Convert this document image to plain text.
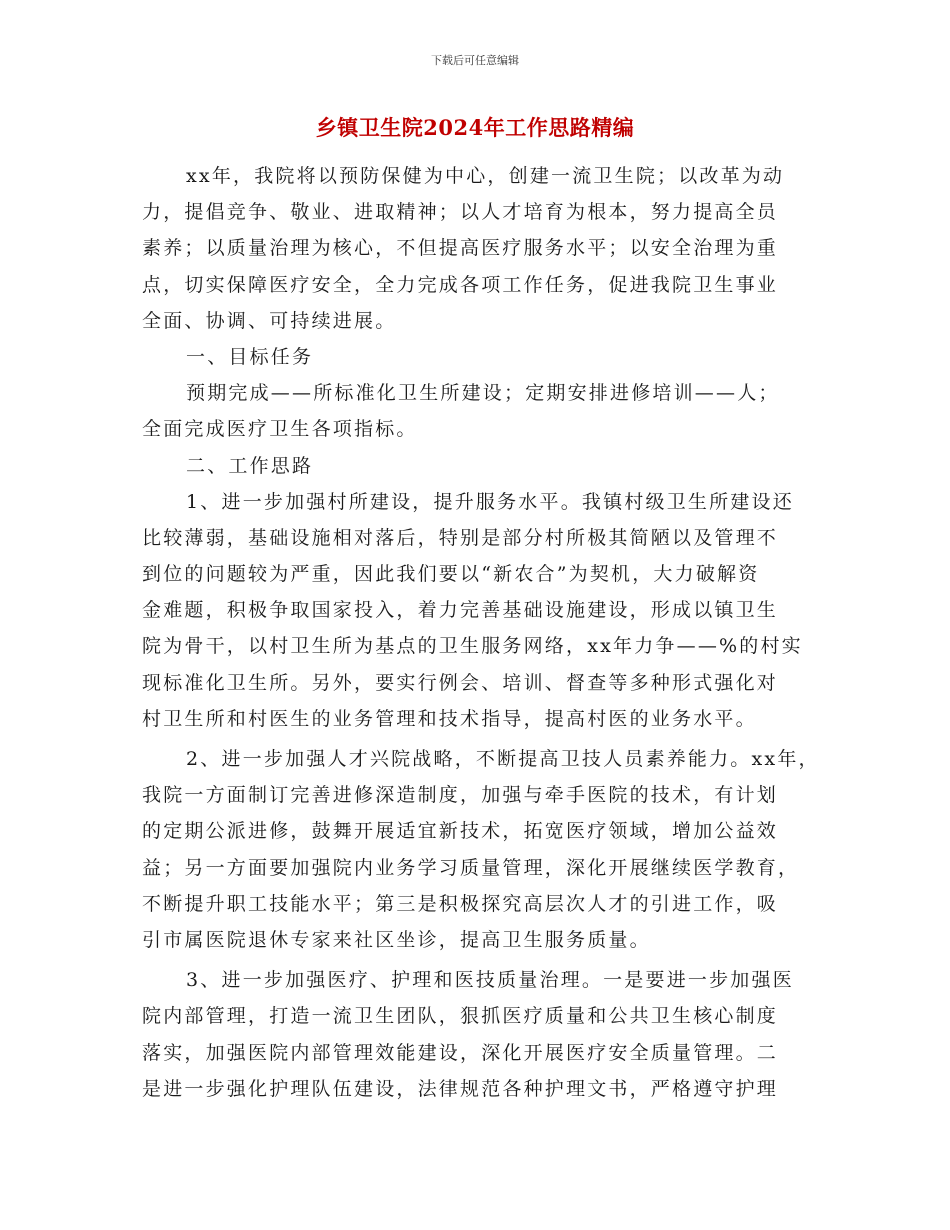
下载后可任意编辑
乡镇卫生院2024年工作思路精编
xx年，我院将以预防保健为中心，创建一流卫生院；以改革为动
力，提倡竞争、敬业、进取精神；以人才培育为根本，努力提高全员
素养；以质量治理为核心，不但提高医疗服务水平；以安全治理为重
点，切实保障医疗安全，全力完成各项工作任务，促进我院卫生事业
全面、协调、可持续进展。
一、目标任务
预期完成——所标准化卫生所建设；定期安排进修培训——人；
全面完成医疗卫生各项指标。
二、工作思路
1、进一步加强村所建设，提升服务水平。我镇村级卫生所建设还
比较薄弱，基础设施相对落后，特别是部分村所极其简陋以及管理不
到位的问题较为严重，因此我们要以“新农合”为契机，大力破解资
金难题，积极争取国家投入，着力完善基础设施建设，形成以镇卫生
院为骨干，以村卫生所为基点的卫生服务网络，xx年力争——%的村实
现标准化卫生所。另外，要实行例会、培训、督查等多种形式强化对
村卫生所和村医生的业务管理和技术指导，提高村医的业务水平。
2、进一步加强人才兴院战略，不断提高卫技人员素养能力。xx年，
我院一方面制订完善进修深造制度，加强与牵手医院的技术，有计划
的定期公派进修，鼓舞开展适宜新技术，拓宽医疗领域，增加公益效
益；另一方面要加强院内业务学习质量管理，深化开展继续医学教育，
不断提升职工技能水平；第三是积极探究高层次人才的引进工作，吸
引市属医院退休专家来社区坐诊，提高卫生服务质量。
3、进一步加强医疗、护理和医技质量治理。一是要进一步加强医
院内部管理，打造一流卫生团队，狠抓医疗质量和公共卫生核心制度
落实，加强医院内部管理效能建设，深化开展医疗安全质量管理。二
是进一步强化护理队伍建设，法律规范各种护理文书，严格遵守护理
